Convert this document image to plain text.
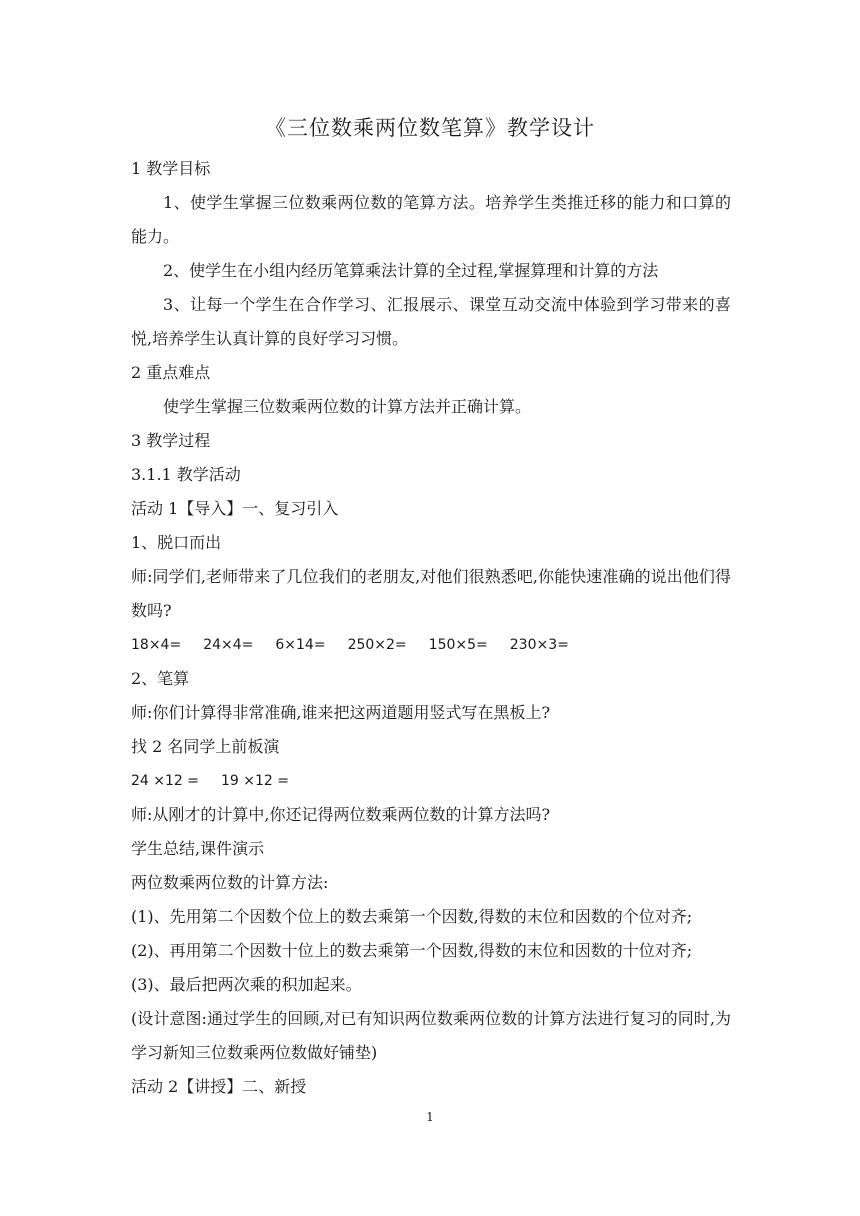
《三位数乘两位数笔算》教学设计

1 教学目标

1、使学生掌握三位数乘两位数的笔算方法。培养学生类推迁移的能力和口算的能力。

2、使学生在小组内经历笔算乘法计算的全过程,掌握算理和计算的方法

3、让每一个学生在合作学习、汇报展示、课堂互动交流中体验到学习带来的喜悦,培养学生认真计算的良好学习习惯。

2 重点难点

使学生掌握三位数乘两位数的计算方法并正确计算。

3 教学过程

3.1.1 教学活动

活动 1【导入】一、复习引入

1、脱口而出

师:同学们,老师带来了几位我们的老朋友,对他们很熟悉吧,你能快速准确的说出他们得数吗?

18×4= 24×4= 6×14= 250×2= 150×5= 230×3=

2、笔算

师:你们计算得非常准确,谁来把这两道题用竖式写在黑板上?

找 2 名同学上前板演

24 ×12 = 19 ×12 =

师:从刚才的计算中,你还记得两位数乘两位数的计算方法吗?

学生总结,课件演示

两位数乘两位数的计算方法:

(1)、先用第二个因数个位上的数去乘第一个因数,得数的末位和因数的个位对齐;

(2)、再用第二个因数十位上的数去乘第一个因数,得数的末位和因数的十位对齐;

(3)、最后把两次乘的积加起来。

(设计意图:通过学生的回顾,对已有知识两位数乘两位数的计算方法进行复习的同时,为学习新知三位数乘两位数做好铺垫)

活动 2【讲授】二、新授

1
